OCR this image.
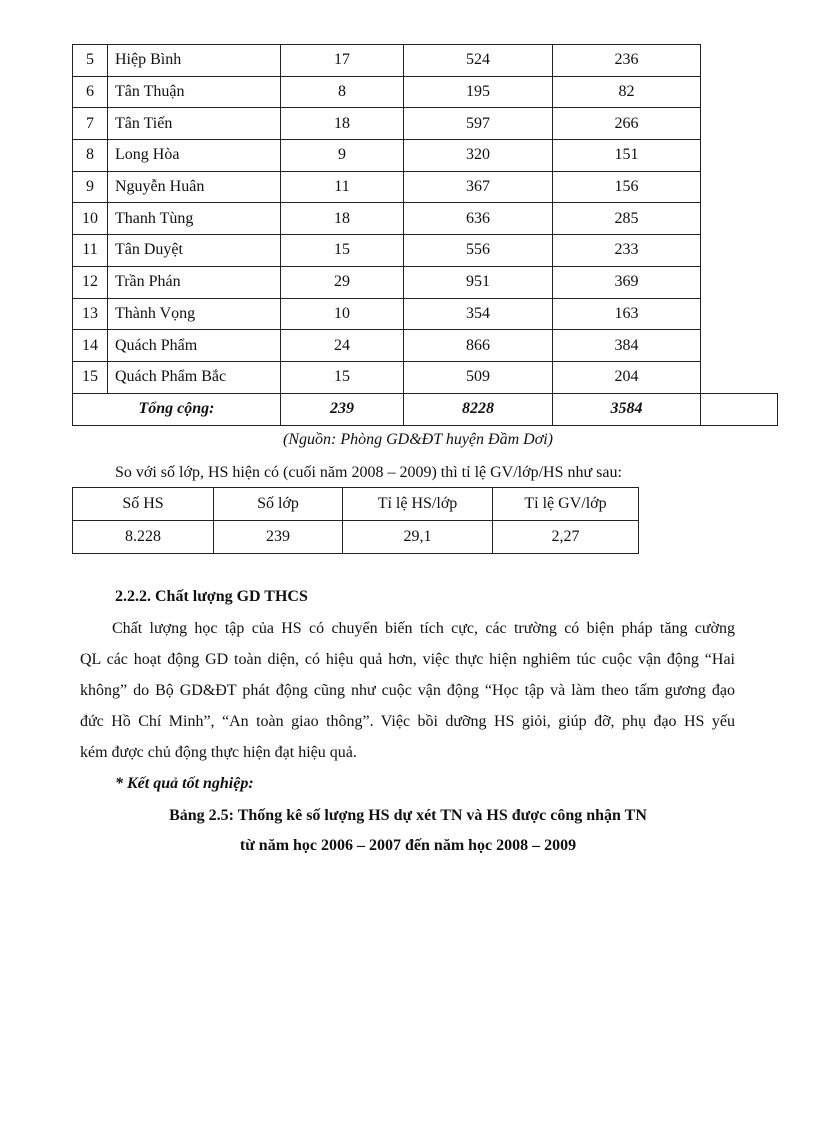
5	Hiệp Bình	17	524	236	
6	Tân Thuận	8	195	82	
7	Tân Tiến	18	597	266	
8	Long Hòa	9	320	151	
9	Nguyễn Huân	11	367	156	
10	Thanh Tùng	18	636	285	
11	Tân Duyệt	15	556	233	
12	Trần Phán	29	951	369	
13	Thành Vọng	10	354	163	
14	Quách Phẩm	24	866	384	
15	Quách Phẩm Bắc	15	509	204	
Tổng cộng:		239	8228	3584	
(Nguồn: Phòng GD&ĐT huyện Đầm Dơi)
So với số lớp, HS hiện có (cuối năm 2008 – 2009) thì tỉ lệ GV/lớp/HS như sau:
Số HS	Số lớp	Tỉ lệ HS/lớp	Tỉ lệ GV/lớp
8.228	239	29,1	2,27
2.2.2. Chất lượng GD THCS
Chất lượng học tập của HS có chuyển biến tích cực, các trường có biện pháp tăng cường
QL các hoạt động GD toàn diện, có hiệu quả hơn, việc thực hiện nghiêm túc cuộc vận động “Hai
không” do Bộ GD&ĐT phát động cũng như cuộc vận động “Học tập và làm theo tấm gương đạo
đức Hồ Chí Minh”, “An toàn giao thông”. Việc bồi dưỡng HS giỏi, giúp đỡ, phụ đạo HS yếu
kém được chủ động thực hiện đạt hiệu quả.
* Kết quả tốt nghiệp:
Bảng 2.5: Thống kê số lượng HS dự xét TN và HS được công nhận TN
từ năm học 2006 – 2007 đến năm học 2008 – 2009
